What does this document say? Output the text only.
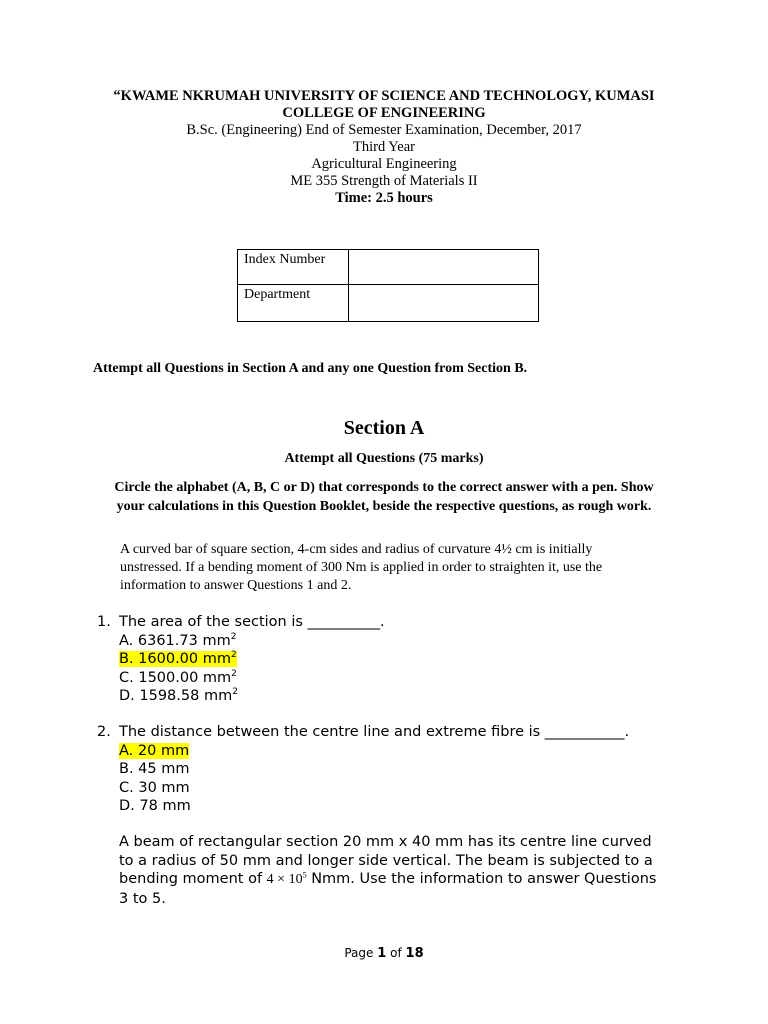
“KWAME NKRUMAH UNIVERSITY OF SCIENCE AND TECHNOLOGY, KUMASI
COLLEGE OF ENGINEERING
B.Sc. (Engineering) End of Semester Examination, December, 2017
Third Year
Agricultural Engineering
ME 355 Strength of Materials II
Time: 2.5 hours
Index Number	
Department	
Attempt all Questions in Section A and any one Question from Section B.
Section A
Attempt all Questions (75 marks)
Circle the alphabet (A, B, C or D) that corresponds to the correct answer with a pen. Show
your calculations in this Question Booklet, beside the respective questions, as rough work.
A curved bar of square section, 4-cm sides and radius of curvature 4½ cm is initially
unstressed. If a bending moment of 300 Nm is applied in order to straighten it, use the
information to answer Questions 1 and 2.
1. The area of the section is __________.
A. 6361.73 $mm^2$
B. 1600.00 $mm^2$
C. 1500.00 $mm^2$
D. 1598.58 $mm^2$
2. The distance between the centre line and extreme fibre is ___________.
A. 20 mm
B. 45 mm
C. 30 mm
D. 78 mm
A beam of rectangular section 20 mm x 40 mm has its centre line curved
to a radius of 50 mm and longer side vertical. The beam is subjected to a
bending moment of $4 \times 10^5$ Nmm. Use the information to answer Questions
3 to 5.
Page 1 of 18
